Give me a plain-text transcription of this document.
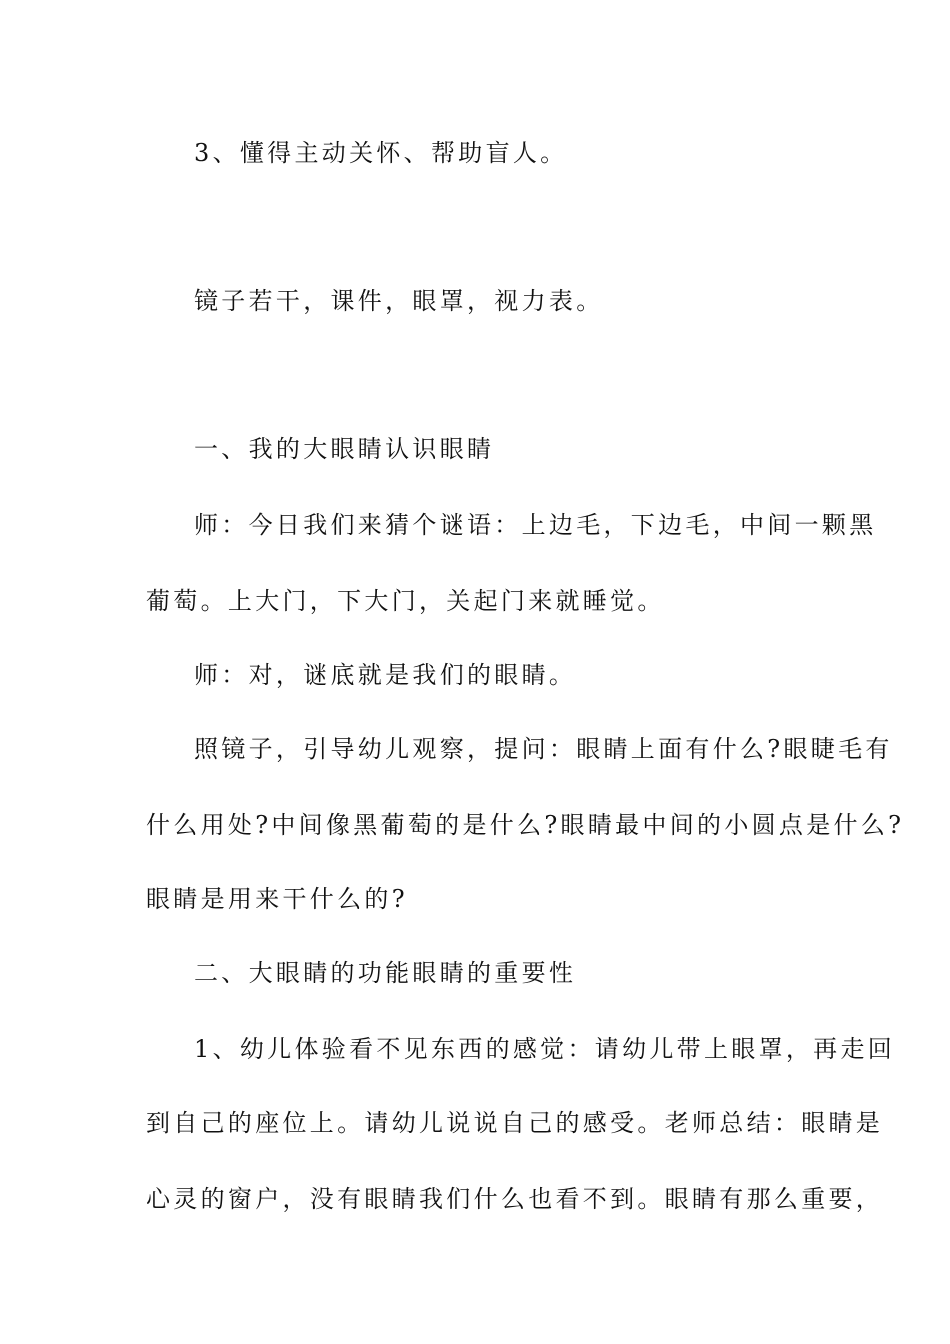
3、懂得主动关怀、帮助盲人。
镜子若干，课件，眼罩，视力表。
一、我的大眼睛认识眼睛
师：今日我们来猜个谜语：上边毛，下边毛，中间一颗黑
葡萄。上大门，下大门，关起门来就睡觉。
师：对，谜底就是我们的眼睛。
照镜子，引导幼儿观察，提问：眼睛上面有什么?眼睫毛有
什么用处?中间像黑葡萄的是什么?眼睛最中间的小圆点是什么?
眼睛是用来干什么的?
二、大眼睛的功能眼睛的重要性
1、幼儿体验看不见东西的感觉：请幼儿带上眼罩，再走回
到自己的座位上。请幼儿说说自己的感受。老师总结：眼睛是
心灵的窗户，没有眼睛我们什么也看不到。眼睛有那么重要，
